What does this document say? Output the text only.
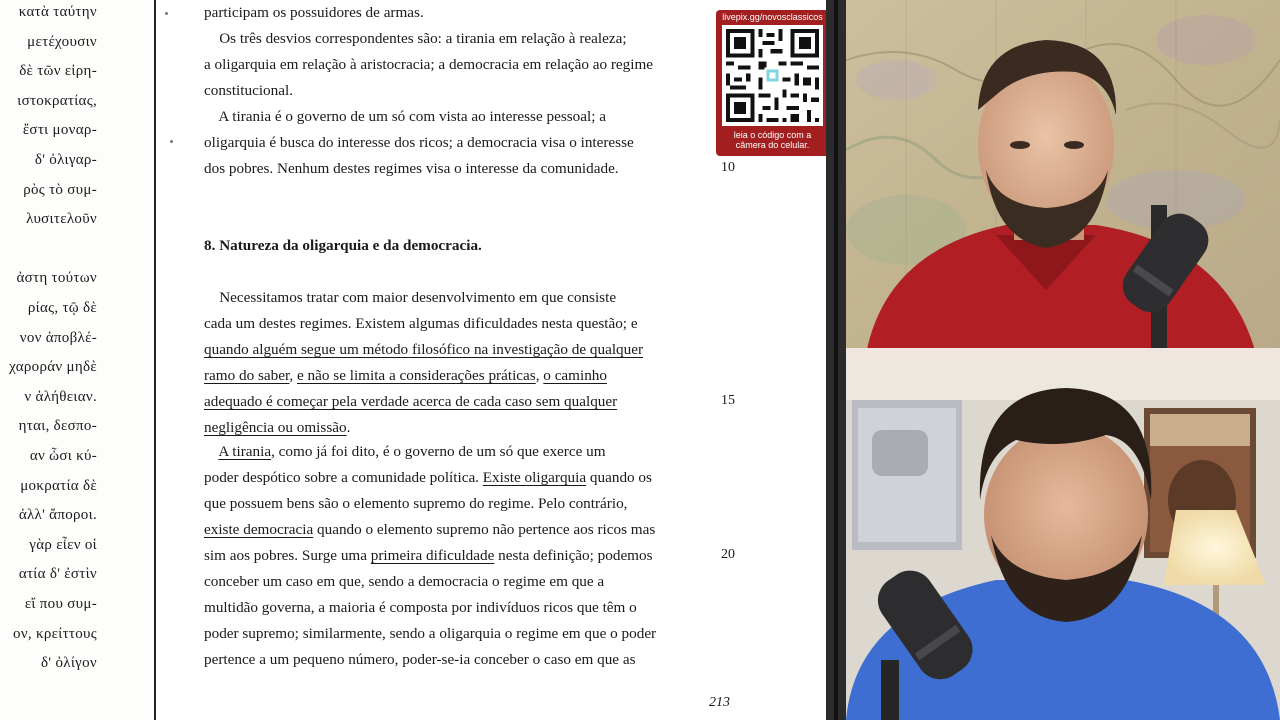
κατὰ ταύτην
μετέχουσιν
δὲ τῶν εἰρη-
ιστοκρατίας,
ἔστι μοναρ-
δ' ὀλιγαρ-
ρὸς τὸ συμ-
λυσιτελοῦν
ἀστη τούτων
ρίας, τῷ δὲ
νον ἀποβλέ-
χαροράν μηδὲ
ν ἀλήθειαν.
ηται, δεσπο-
αν ὦσι κύ-
μοκρατία δὲ
ἀλλ' ἄποροι.
γὰρ εἶεν οἱ
ατία δ' ἐστὶν
εἴ που συμ-
ον, κρείττους
δ' ὀλίγον
8. Natureza da oligarquia e da democracia.
10
15
20
213
participam os possuidores de armas.
Os três desvios correspondentes são: a tirania em relação à realeza;
a oligarquia em relação à aristocracia; a democracia em relação ao regime
constitucional.
A tirania é o governo de um só com vista ao interesse pessoal; a
oligarquia é busca do interesse dos ricos; a democracia visa o interesse
dos pobres. Nenhum destes regimes visa o interesse da comunidade.
Necessitamos tratar com maior desenvolvimento em que consiste
cada um destes regimes. Existem algumas dificuldades nesta questão; e
quando alguém segue um método filosófico na investigação de qualquer
ramo do saber, e não se limita a considerações práticas, o caminho
adequado é começar pela verdade acerca de cada caso sem qualquer
negligência ou omissão.
A tirania, como já foi dito, é o governo de um só que exerce um
poder despótico sobre a comunidade política. Existe oligarquia quando os
que possuem bens são o elemento supremo do regime. Pelo contrário,
existe democracia quando o elemento supremo não pertence aos ricos mas
sim aos pobres. Surge uma primeira dificuldade nesta definição; podemos
conceber um caso em que, sendo a democracia o regime em que a
multidão governa, a maioria é composta por indivíduos ricos que têm o
poder supremo; similarmente, sendo a oligarquia o regime em que o poder
pertence a um pequeno número, poder-se-ia conceber o caso em que as
livepix.gg/novosclassicos
leia o código com a
câmera do celular.
